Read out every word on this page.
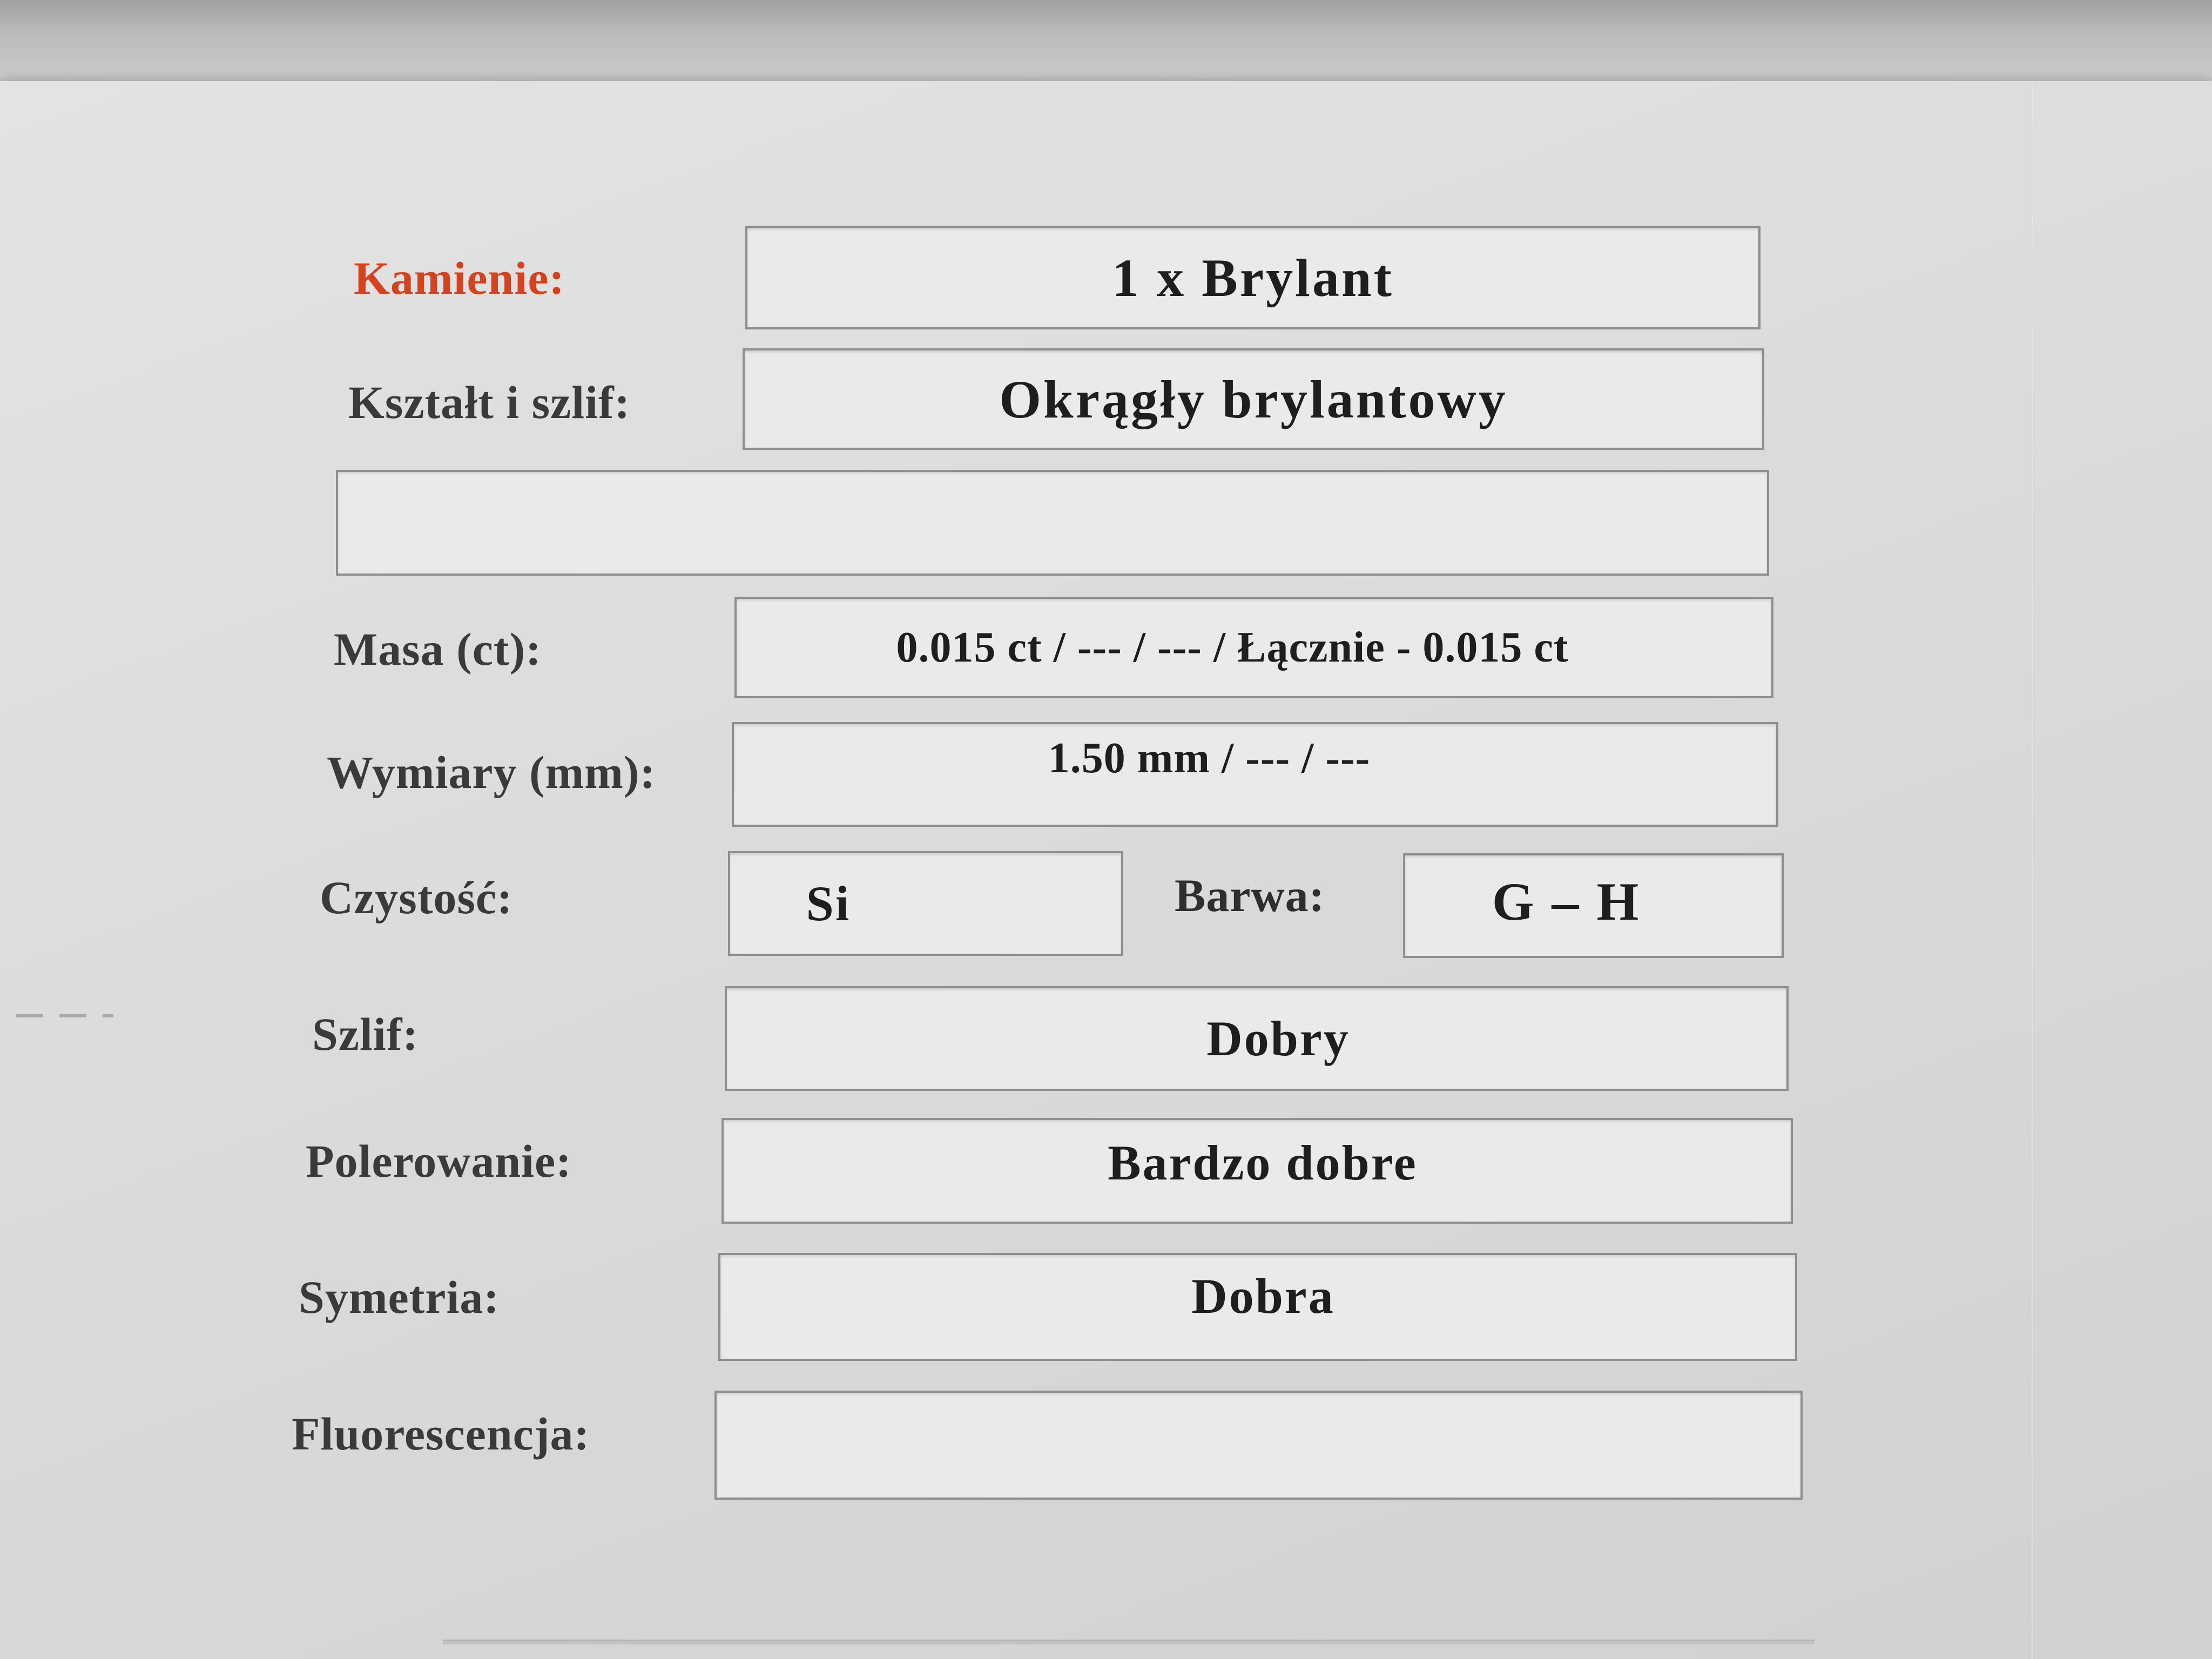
Kamienie:	1 x Brylant
Kształt i szlif:	Okrągły brylantowy
Masa (ct):	0.015 ct / --- / --- / Łącznie - 0.015 ct
Wymiary (mm):	1.50 mm / --- / ---
Czystość:	Si	Barwa:	G – H
Szlif:	Dobry
Polerowanie:	Bardzo dobre
Symetria:	Dobra
Fluorescencja:
